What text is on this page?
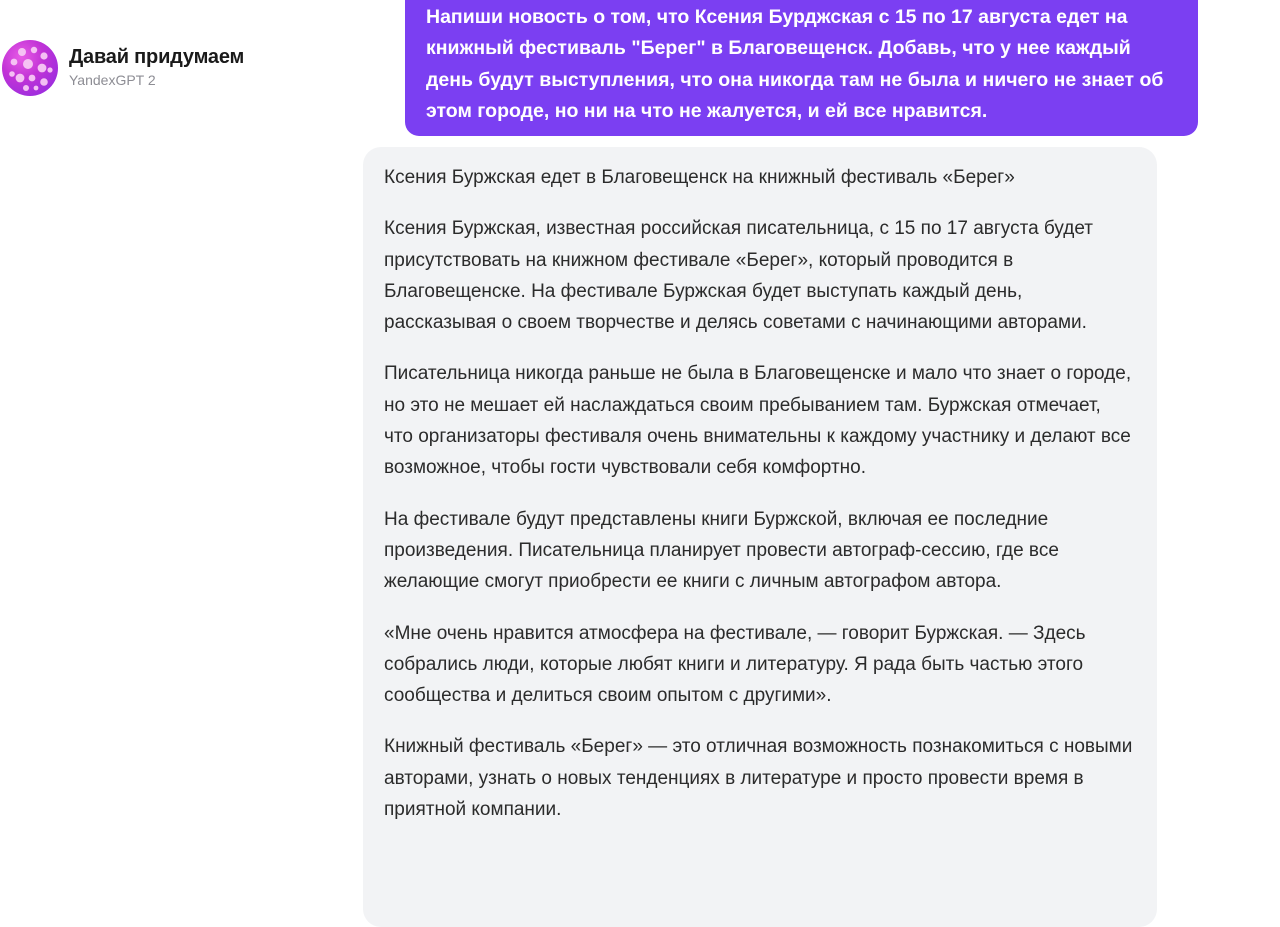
Давай придумаем
YandexGPT 2
Напиши новость о том, что Ксения Бурджская с 15 по 17 августа едет на книжный фестиваль "Берег" в Благовещенск. Добавь, что у нее каждый день будут выступления, что она никогда там не была и ничего не знает об этом городе, но ни на что не жалуется, и ей все нравится.

Ксения Буржская едет в Благовещенск на книжный фестиваль «Берег»

Ксения Буржская, известная российская писательница, с 15 по 17 августа будет присутствовать на книжном фестивале «Берег», который проводится в Благовещенске. На фестивале Буржская будет выступать каждый день, рассказывая о своем творчестве и делясь советами с начинающими авторами.

Писательница никогда раньше не была в Благовещенске и мало что знает о городе, но это не мешает ей наслаждаться своим пребыванием там. Буржская отмечает, что организаторы фестиваля очень внимательны к каждому участнику и делают все возможное, чтобы гости чувствовали себя комфортно.

На фестивале будут представлены книги Буржской, включая ее последние произведения. Писательница планирует провести автограф-сессию, где все желающие смогут приобрести ее книги с личным автографом автора.

«Мне очень нравится атмосфера на фестивале, — говорит Буржская. — Здесь собрались люди, которые любят книги и литературу. Я рада быть частью этого сообщества и делиться своим опытом с другими».

Книжный фестиваль «Берег» — это отличная возможность познакомиться с новыми авторами, узнать о новых тенденциях в литературе и просто провести время в приятной компании.
